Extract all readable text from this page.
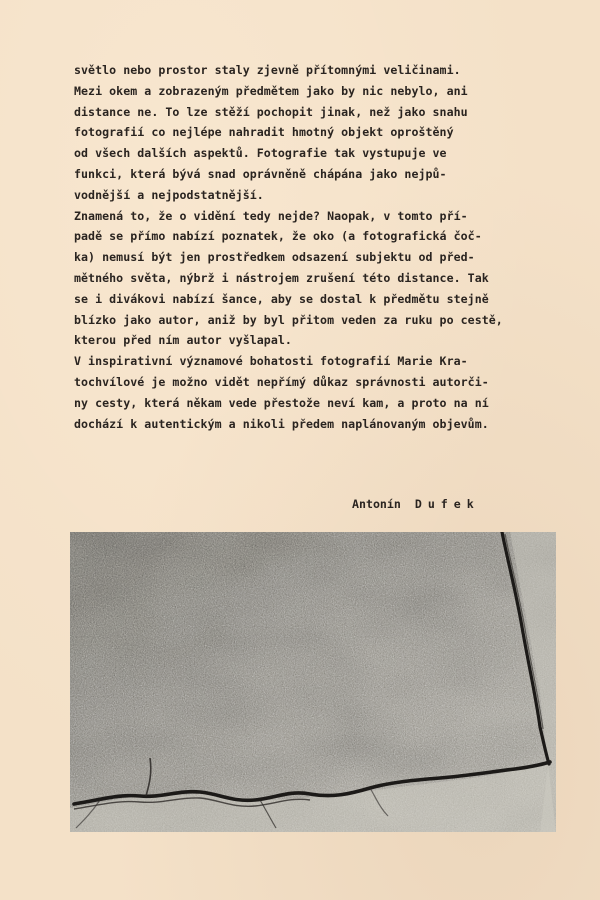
světlo nebo prostor staly zjevně přítomnými veličinami.
Mezi okem a zobrazeným předmětem jako by nic nebylo, ani
distance ne. To lze stěží pochopit jinak, než jako snahu
fotografií co nejlépe nahradit hmotný objekt oproštěný
od všech dalších aspektů. Fotografie tak vystupuje ve
funkci, která bývá snad oprávněně chápána jako nejpů-
vodnější a nejpodstatnější.
Znamená to, že o vidění tedy nejde? Naopak, v tomto pří-
padě se přímo nabízí poznatek, že oko (a fotografická čoč-
ka) nemusí být jen prostředkem odsazení subjektu od před-
mětného světa, nýbrž i nástrojem zrušení této distance. Tak
se i divákovi nabízí šance, aby se dostal k předmětu stejně
blízko jako autor, aniž by byl přitom veden za ruku po cestě,
kterou před ním autor vyšlapal.
V inspirativní významové bohatosti fotografií Marie Kra-
tochvílové je možno vidět nepřímý důkaz správnosti autorči-
ny cesty, která někam vede přestože neví kam, a proto na ní
dochází k autentickým a nikoli předem naplánovaným objevům.
Antonín Dufek
